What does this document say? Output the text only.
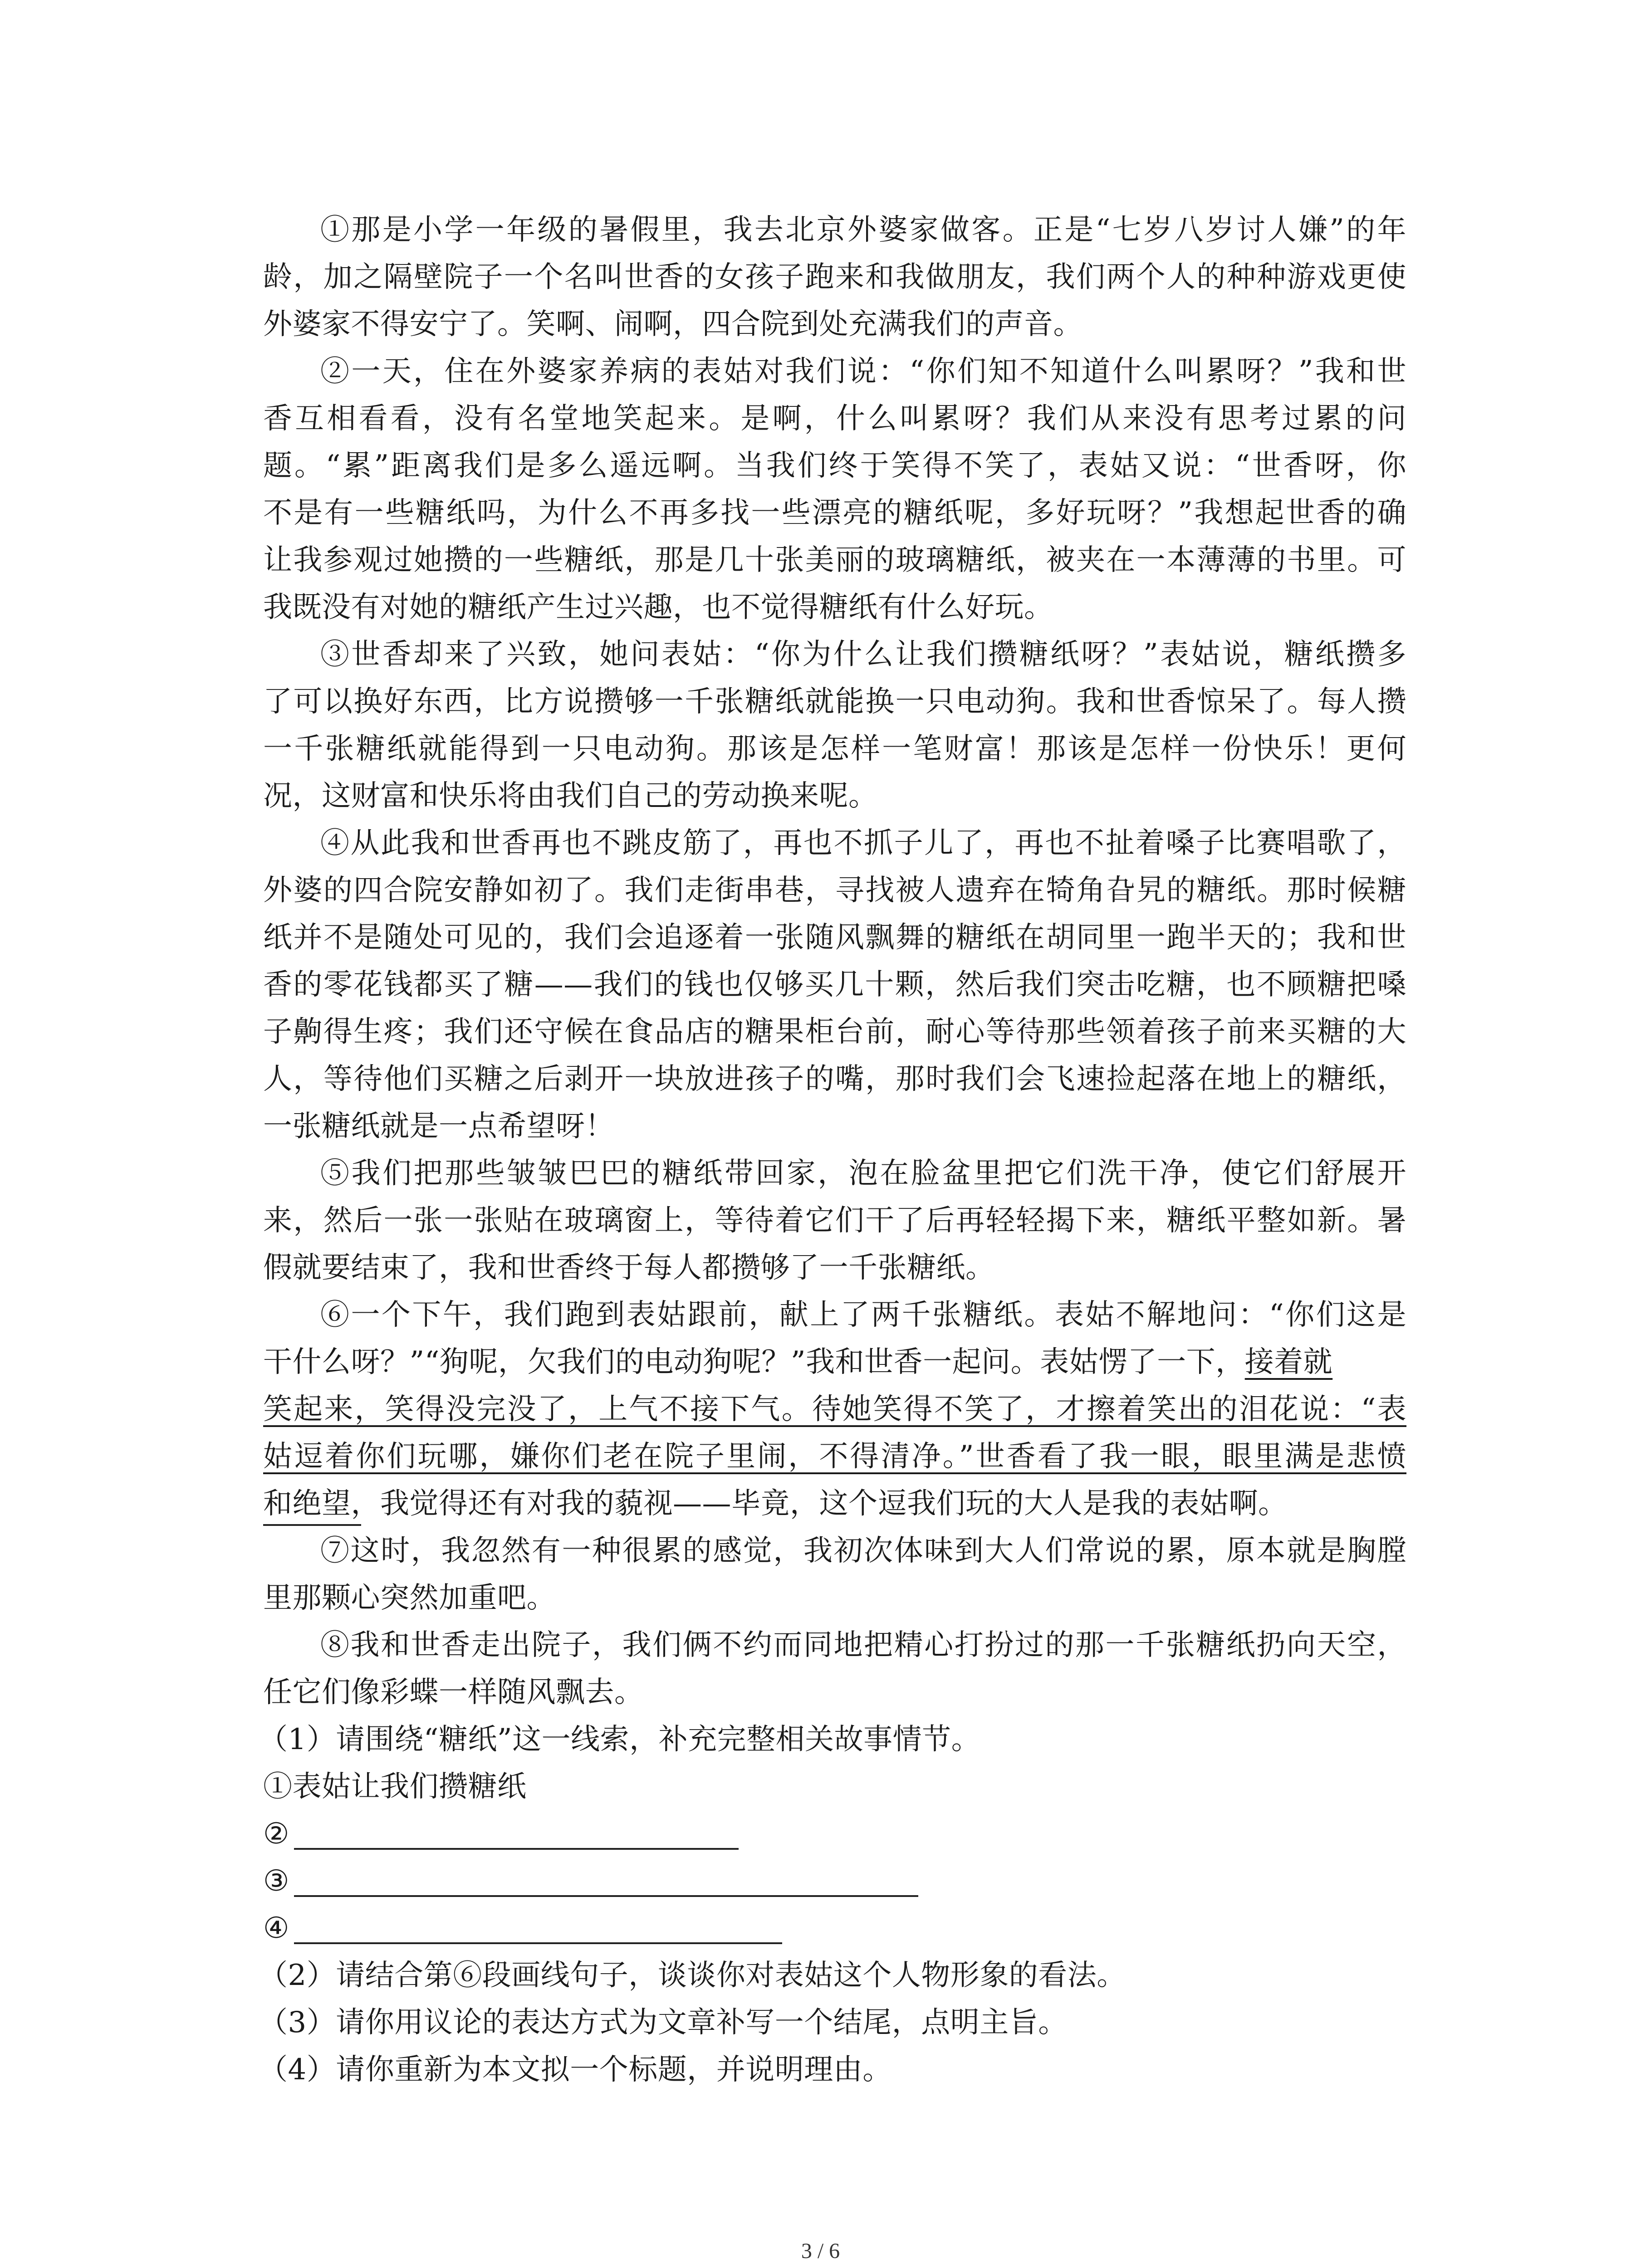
①那是小学一年级的暑假里，我去北京外婆家做客。正是“七岁八岁讨人嫌”的年
龄，加之隔壁院子一个名叫世香的女孩子跑来和我做朋友，我们两个人的种种游戏更使
外婆家不得安宁了。笑啊、闹啊，四合院到处充满我们的声音。
②一天，住在外婆家养病的表姑对我们说：“你们知不知道什么叫累呀？”我和世
香互相看看，没有名堂地笑起来。是啊，什么叫累呀？我们从来没有思考过累的问
题。“累”距离我们是多么遥远啊。当我们终于笑得不笑了，表姑又说：“世香呀，你
不是有一些糖纸吗，为什么不再多找一些漂亮的糖纸呢，多好玩呀？”我想起世香的确
让我参观过她攒的一些糖纸，那是几十张美丽的玻璃糖纸，被夹在一本薄薄的书里。可
我既没有对她的糖纸产生过兴趣，也不觉得糖纸有什么好玩。
③世香却来了兴致，她问表姑：“你为什么让我们攒糖纸呀？”表姑说，糖纸攒多
了可以换好东西，比方说攒够一千张糖纸就能换一只电动狗。我和世香惊呆了。每人攒
一千张糖纸就能得到一只电动狗。那该是怎样一笔财富！那该是怎样一份快乐！更何
况，这财富和快乐将由我们自己的劳动换来呢。
④从此我和世香再也不跳皮筋了，再也不抓子儿了，再也不扯着嗓子比赛唱歌了，
外婆的四合院安静如初了。我们走街串巷，寻找被人遗弃在犄角旮旯的糖纸。那时候糖
纸并不是随处可见的，我们会追逐着一张随风飘舞的糖纸在胡同里一跑半天的；我和世
香的零花钱都买了糖——我们的钱也仅够买几十颗，然后我们突击吃糖，也不顾糖把嗓
子齁得生疼；我们还守候在食品店的糖果柜台前，耐心等待那些领着孩子前来买糖的大
人，等待他们买糖之后剥开一块放进孩子的嘴，那时我们会飞速捡起落在地上的糖纸，
一张糖纸就是一点希望呀！
⑤我们把那些皱皱巴巴的糖纸带回家，泡在脸盆里把它们洗干净，使它们舒展开
来，然后一张一张贴在玻璃窗上，等待着它们干了后再轻轻揭下来，糖纸平整如新。暑
假就要结束了，我和世香终于每人都攒够了一千张糖纸。
⑥一个下午，我们跑到表姑跟前，献上了两千张糖纸。表姑不解地问：“你们这是
干什么呀？”“狗呢，欠我们的电动狗呢？”我和世香一起问。表姑愣了一下，接着就
笑起来，笑得没完没了，上气不接下气。待她笑得不笑了，才擦着笑出的泪花说：“表
姑逗着你们玩哪，嫌你们老在院子里闹，不得清净。”世香看了我一眼，眼里满是悲愤
和绝望，我觉得还有对我的藐视——毕竟，这个逗我们玩的大人是我的表姑啊。
⑦这时，我忽然有一种很累的感觉，我初次体味到大人们常说的累，原本就是胸膛
里那颗心突然加重吧。
⑧我和世香走出院子，我们俩不约而同地把精心打扮过的那一千张糖纸扔向天空，
任它们像彩蝶一样随风飘去。
（1）请围绕“糖纸”这一线索，补充完整相关故事情节。
①表姑让我们攒糖纸
②
③
④
（2）请结合第⑥段画线句子，谈谈你对表姑这个人物形象的看法。
（3）请你用议论的表达方式为文章补写一个结尾，点明主旨。
（4）请你重新为本文拟一个标题，并说明理由。
3 / 6
